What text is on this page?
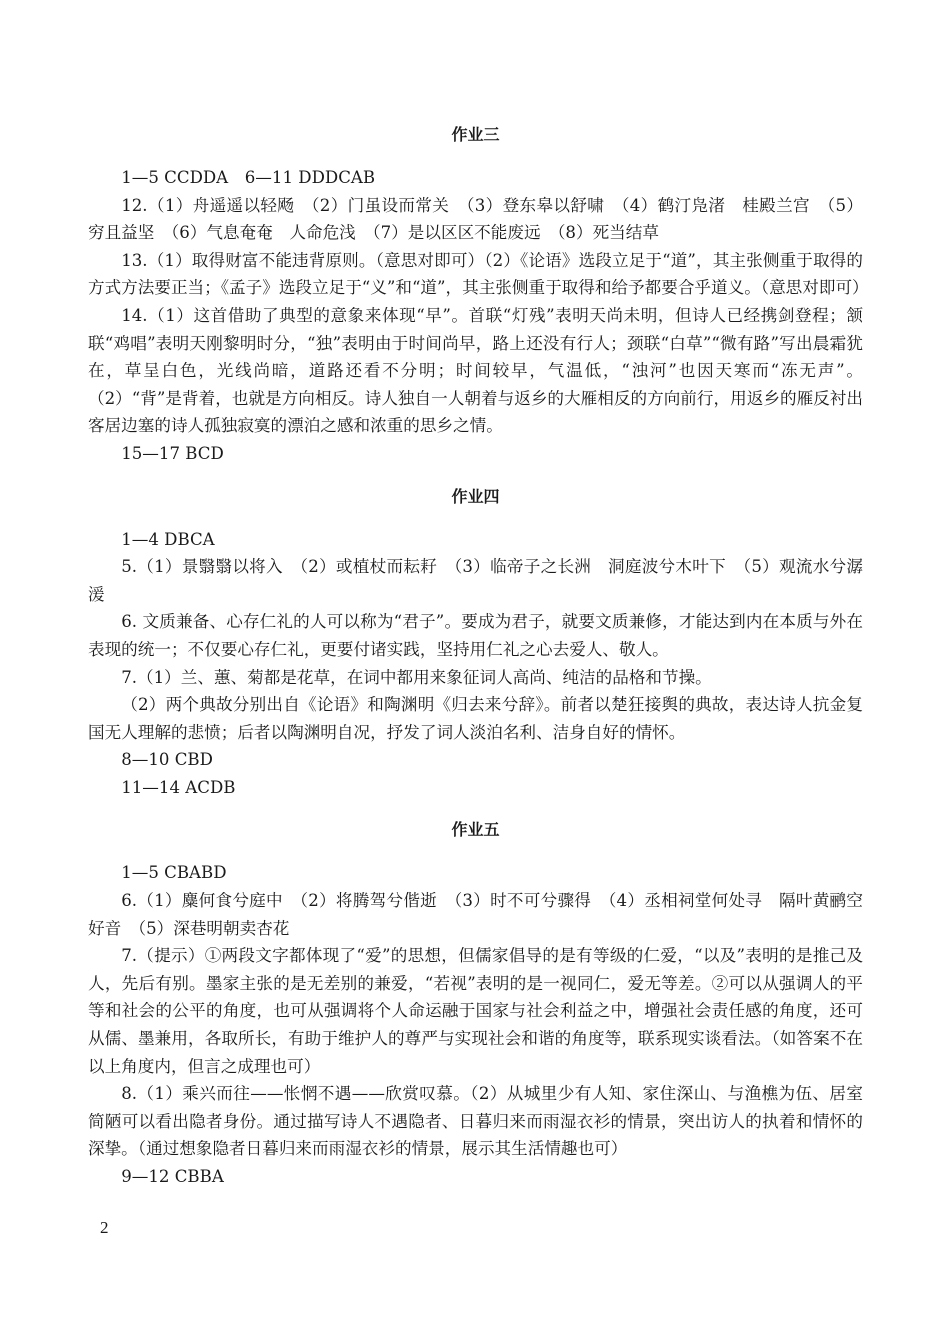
作业三

1—5 CCDDA　6—11 DDDCAB

12.（1）舟遥遥以轻飏　（2）门虽设而常关　（3）登东皋以舒啸　（4）鹤汀凫渚　桂殿兰宫　（5）穷且益坚　（6）气息奄奄　人命危浅　（7）是以区区不能废远　（8）死当结草

13.（1）取得财富不能违背原则。（意思对即可）（2）《论语》选段立足于“道”，其主张侧重于取得的方式方法要正当；《孟子》选段立足于“义”和“道”，其主张侧重于取得和给予都要合乎道义。（意思对即可）

14.（1）这首借助了典型的意象来体现“早”。首联“灯残”表明天尚未明，但诗人已经携剑登程；颔联“鸡唱”表明天刚黎明时分，“独”表明由于时间尚早，路上还没有行人；颈联“白草”“微有路”写出晨霜犹在，草呈白色，光线尚暗，道路还看不分明；时间较早，气温低，“浊河”也因天寒而“冻无声”。（2）“背”是背着，也就是方向相反。诗人独自一人朝着与返乡的大雁相反的方向前行，用返乡的雁反衬出客居边塞的诗人孤独寂寞的漂泊之感和浓重的思乡之情。

15—17 BCD

作业四

1—4 DBCA

5.（1）景翳翳以将入　（2）或植杖而耘耔　（3）临帝子之长洲　洞庭波兮木叶下　（5）观流水兮潺湲

6. 文质兼备、心存仁礼的人可以称为“君子”。要成为君子，就要文质兼修，才能达到内在本质与外在表现的统一；不仅要心存仁礼，更要付诸实践，坚持用仁礼之心去爱人、敬人。

7.（1）兰、蕙、菊都是花草，在词中都用来象征词人高尚、纯洁的品格和节操。

（2）两个典故分别出自《论语》和陶渊明《归去来兮辞》。前者以楚狂接舆的典故，表达诗人抗金复国无人理解的悲愤；后者以陶渊明自况，抒发了词人淡泊名利、洁身自好的情怀。

8—10 CBD

11—14 ACDB

作业五

1—5 CBABD

6.（1）麋何食兮庭中　（2）将腾驾兮偕逝　（3）时不可兮骤得　（4）丞相祠堂何处寻　隔叶黄鹂空好音　（5）深巷明朝卖杏花

7.（提示）①两段文字都体现了“爱”的思想，但儒家倡导的是有等级的仁爱，“以及”表明的是推己及人，先后有别。墨家主张的是无差别的兼爱，“若视”表明的是一视同仁，爱无等差。②可以从强调人的平等和社会的公平的角度，也可从强调将个人命运融于国家与社会利益之中，增强社会责任感的角度，还可从儒、墨兼用，各取所长，有助于维护人的尊严与实现社会和谐的角度等，联系现实谈看法。（如答案不在以上角度内，但言之成理也可）

8.（1）乘兴而往——怅惘不遇——欣赏叹慕。（2）从城里少有人知、家住深山、与渔樵为伍、居室简陋可以看出隐者身份。通过描写诗人不遇隐者、日暮归来而雨湿衣衫的情景，突出访人的执着和情怀的深挚。（通过想象隐者日暮归来而雨湿衣衫的情景，展示其生活情趣也可）

9—12 CBBA

2
